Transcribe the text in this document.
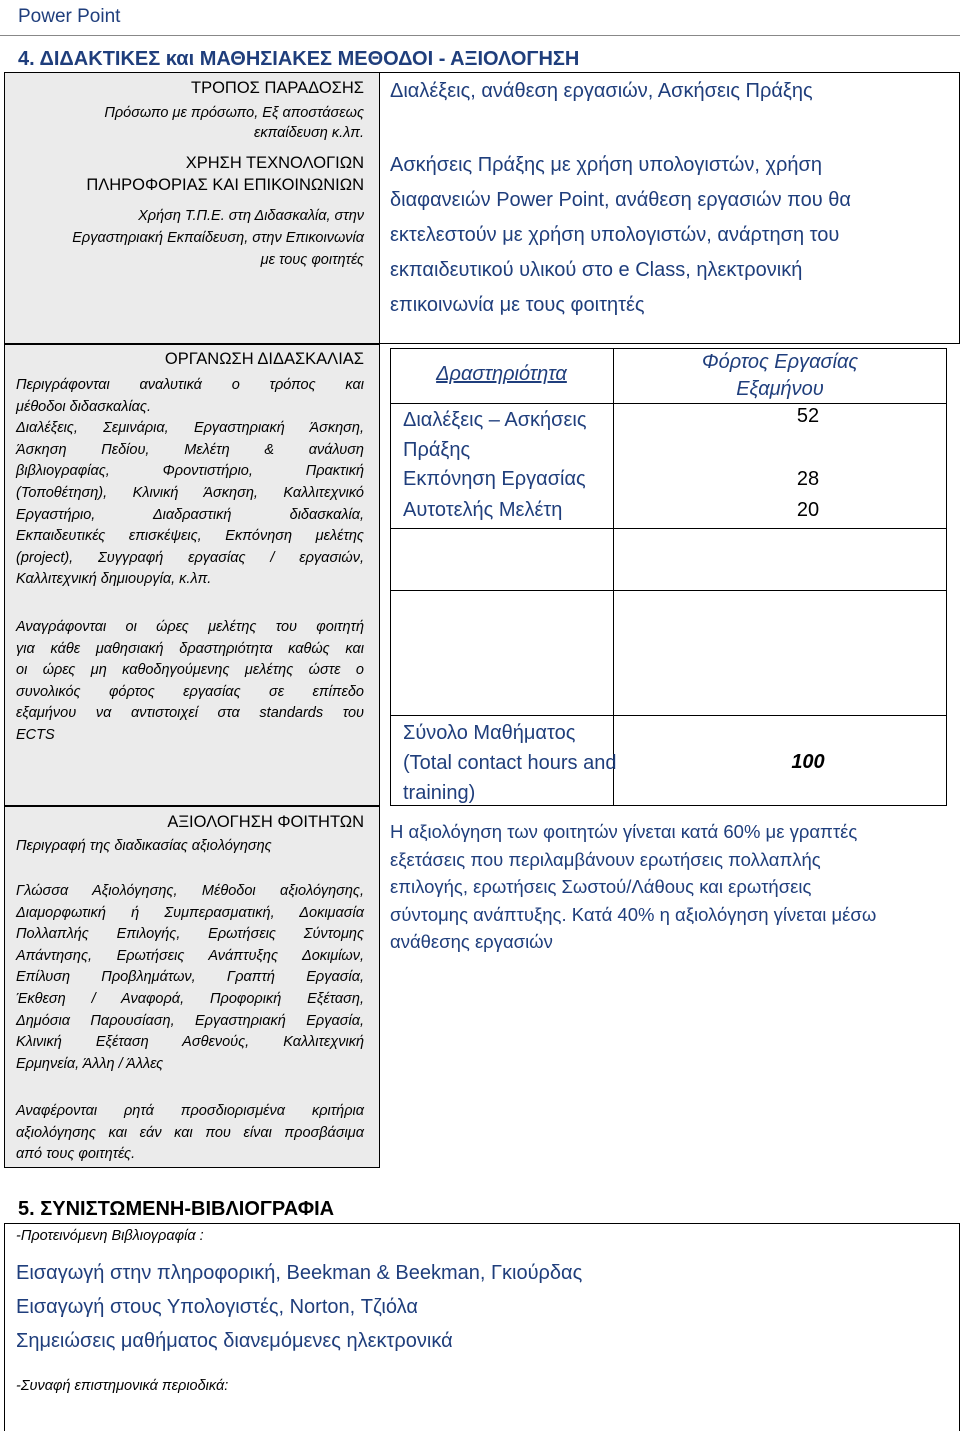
Power Point
4. ΔΙΔΑΚΤΙΚΕΣ και ΜΑΘΗΣΙΑΚΕΣ ΜΕΘΟΔΟΙ - ΑΞΙΟΛΟΓΗΣΗ
ΤΡΟΠΟΣ ΠΑΡΑΔΟΣΗΣ
Πρόσωπο με πρόσωπο, Εξ αποστάσεως
εκπαίδευση κ.λπ.
Διαλέξεις, ανάθεση εργασιών, Ασκήσεις Πράξης
ΧΡΗΣΗ ΤΕΧΝΟΛΟΓΙΩΝ
ΠΛΗΡΟΦΟΡΙΑΣ ΚΑΙ ΕΠΙΚΟΙΝΩΝΙΩΝ
Χρήση Τ.Π.Ε. στη Διδασκαλία, στην
Εργαστηριακή Εκπαίδευση, στην Επικοινωνία
με τους φοιτητές
Ασκήσεις Πράξης με χρήση υπολογιστών, χρήση
διαφανειών Power Point, ανάθεση εργασιών που θα
εκτελεστούν με χρήση υπολογιστών, ανάρτηση του
εκπαιδευτικού υλικού στο e Class, ηλεκτρονική
επικοινωνία με τους φοιτητές
ΟΡΓΑΝΩΣΗ ΔΙΔΑΣΚΑΛΙΑΣ
Περιγράφονται αναλυτικά ο τρόπος και
μέθοδοι διδασκαλίας.
Διαλέξεις, Σεμινάρια, Εργαστηριακή Άσκηση,
Άσκηση Πεδίου, Μελέτη & ανάλυση
βιβλιογραφίας, Φροντιστήριο, Πρακτική
(Τοποθέτηση), Κλινική Άσκηση, Καλλιτεχνικό
Εργαστήριο, Διαδραστική διδασκαλία,
Εκπαιδευτικές επισκέψεις, Εκπόνηση μελέτης
(project), Συγγραφή εργασίας / εργασιών,
Καλλιτεχνική δημιουργία, κ.λπ.
Αναγράφονται οι ώρες μελέτης του φοιτητή
για κάθε μαθησιακή δραστηριότητα καθώς και
οι ώρες μη καθοδηγούμενης μελέτης ώστε ο
συνολικός φόρτος εργασίας σε επίπεδο
εξαμήνου να αντιστοιχεί στα standards του
ECTS
Δραστηριότητα
Φόρτος Εργασίας
Εξαμήνου
Διαλέξεις – Ασκήσεις
Πράξης
52
Εκπόνηση Εργασίας	28
Αυτοτελής Μελέτη	20
Σύνολο Μαθήματος
(Total contact hours and
training)
100
ΑΞΙΟΛΟΓΗΣΗ ΦΟΙΤΗΤΩΝ
Περιγραφή της διαδικασίας αξιολόγησης
Γλώσσα Αξιολόγησης, Μέθοδοι αξιολόγησης,
Διαμορφωτική ή Συμπερασματική, Δοκιμασία
Πολλαπλής Επιλογής, Ερωτήσεις Σύντομης
Απάντησης, Ερωτήσεις Ανάπτυξης Δοκιμίων,
Επίλυση Προβλημάτων, Γραπτή Εργασία,
Έκθεση / Αναφορά, Προφορική Εξέταση,
Δημόσια Παρουσίαση, Εργαστηριακή Εργασία,
Κλινική Εξέταση Ασθενούς, Καλλιτεχνική
Ερμηνεία, Άλλη / Άλλες
Αναφέρονται ρητά προσδιορισμένα κριτήρια
αξιολόγησης και εάν και που είναι προσβάσιμα
από τους φοιτητές.
Η αξιολόγηση των φοιτητών γίνεται κατά 60% με γραπτές
εξετάσεις που περιλαμβάνουν ερωτήσεις πολλαπλής
επιλογής, ερωτήσεις Σωστού/Λάθους και ερωτήσεις
σύντομης ανάπτυξης. Κατά 40% η αξιολόγηση γίνεται μέσω
ανάθεσης εργασιών
5. ΣΥΝΙΣΤΩΜΕΝΗ-ΒΙΒΛΙΟΓΡΑΦΙΑ
-Προτεινόμενη Βιβλιογραφία :
Εισαγωγή στην πληροφορική, Beekman & Beekman, Γκιούρδας
Εισαγωγή στους Υπολογιστές, Norton, Τζιόλα
Σημειώσεις μαθήματος διανεμόμενες ηλεκτρονικά
-Συναφή επιστημονικά περιοδικά:
